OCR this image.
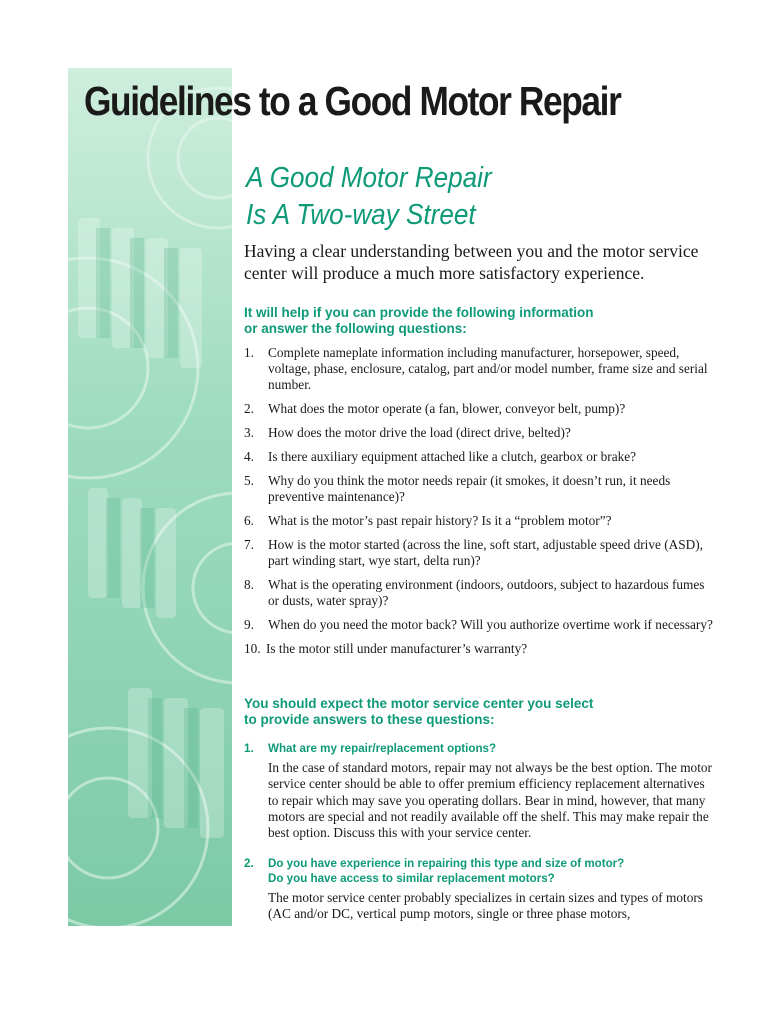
Guidelines to a Good Motor Repair
A Good Motor Repair
Is A Two-way Street

Having a clear understanding between you and the motor service center will produce a much more satisfactory experience.

It will help if you can provide the following information
or answer the following questions:
1. Complete nameplate information including manufacturer, horsepower, speed, voltage, phase, enclosure, catalog, part and/or model number, frame size and serial number.
2. What does the motor operate (a fan, blower, conveyor belt, pump)?
3. How does the motor drive the load (direct drive, belted)?
4. Is there auxiliary equipment attached like a clutch, gearbox or brake?
5. Why do you think the motor needs repair (it smokes, it doesn’t run, it needs preventive maintenance)?
6. What is the motor’s past repair history? Is it a “problem motor”?
7. How is the motor started (across the line, soft start, adjustable speed drive (ASD), part winding start, wye start, delta run)?
8. What is the operating environment (indoors, outdoors, subject to hazardous fumes or dusts, water spray)?
9. When do you need the motor back? Will you authorize overtime work if necessary?
10. Is the motor still under manufacturer’s warranty?
You should expect the motor service center you select
to provide answers to these questions:

1. What are my repair/replacement options?

In the case of standard motors, repair may not always be the best option. The motor service center should be able to offer premium efficiency replacement alternatives to repair which may save you operating dollars. Bear in mind, however, that many motors are special and not readily available off the shelf. This may make repair the best option. Discuss this with your service center.

2. Do you have experience in repairing this type and size of motor?
Do you have access to similar replacement motors?

The motor service center probably specializes in certain sizes and types of motors (AC and/or DC, vertical pump motors, single or three phase motors,
